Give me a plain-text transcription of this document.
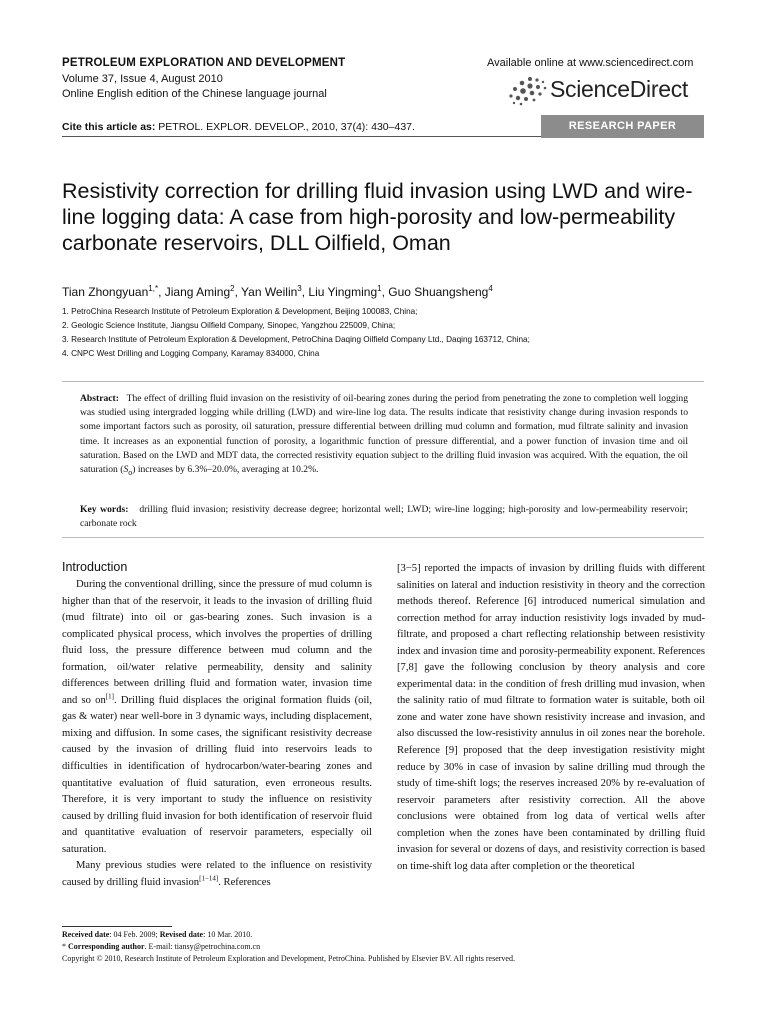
PETROLEUM EXPLORATION AND DEVELOPMENT
Volume 37, Issue 4, August 2010
Online English edition of the Chinese language journal
Available online at www.sciencedirect.com
ScienceDirect
Cite this article as: PETROL. EXPLOR. DEVELOP., 2010, 37(4): 430–437.	RESEARCH PAPER
Resistivity correction for drilling fluid invasion using LWD and wire-line logging data: A case from high-porosity and low-permeability carbonate reservoirs, DLL Oilfield, Oman
Tian Zhongyuan$^{1,*}$, Jiang Aming$^2$, Yan Weilin$^3$, Liu Yingming$^1$, Guo Shuangsheng$^4$
1. PetroChina Research Institute of Petroleum Exploration & Development, Beijing 100083, China;
2. Geologic Science Institute, Jiangsu Oilfield Company, Sinopec, Yangzhou 225009, China;
3. Research Institute of Petroleum Exploration & Development, PetroChina Daqing Oilfield Company Ltd., Daqing 163712, China;
4. CNPC West Drilling and Logging Company, Karamay 834000, China
Abstract: The effect of drilling fluid invasion on the resistivity of oil-bearing zones during the period from penetrating the zone to completion well logging was studied using intergraded logging while drilling (LWD) and wire-line log data. The results indicate that resistivity change during invasion responds to some important factors such as porosity, oil saturation, pressure differential between drilling mud column and formation, mud filtrate salinity and invasion time. It increases as an exponential function of porosity, a logarithmic function of pressure differential, and a power function of invasion time and oil saturation. Based on the LWD and MDT data, the corrected resistivity equation subject to the drilling fluid invasion was acquired. With the equation, the oil saturation $(S_o)$ increases by 6.3%–20.0%, averaging at 10.2%.
Key words: drilling fluid invasion; resistivity decrease degree; horizontal well; LWD; wire-line logging; high-porosity and low-permeability reservoir; carbonate rock
Introduction

During the conventional drilling, since the pressure of mud column is higher than that of the reservoir, it leads to the invasion of drilling fluid (mud filtrate) into oil or gas-bearing zones. Such invasion is a complicated physical process, which involves the properties of drilling fluid loss, the pressure difference between mud column and the formation, oil/water relative permeability, density and salinity differences between drilling fluid and formation water, invasion time and so on[1]. Drilling fluid displaces the original formation fluids (oil, gas & water) near well-bore in 3 dynamic ways, including displacement, mixing and diffusion. In some cases, the significant resistivity decrease caused by the invasion of drilling fluid into reservoirs leads to difficulties in identification of hydrocarbon/water-bearing zones and quantitative evaluation of fluid saturation, even erroneous results. Therefore, it is very important to study the influence on resistivity caused by drilling fluid invasion for both identification of reservoir fluid and quantitative evaluation of reservoir parameters, especially oil saturation.

Many previous studies were related to the influence on resistivity caused by drilling fluid invasion[1−14]. References

[3−5] reported the impacts of invasion by drilling fluids with different salinities on lateral and induction resistivity in theory and the correction methods thereof. Reference [6] introduced numerical simulation and correction method for array induction resistivity logs invaded by mud-filtrate, and proposed a chart reflecting relationship between resistivity index and invasion time and porosity-permeability exponent. References [7,8] gave the following conclusion by theory analysis and core experimental data: in the condition of fresh drilling mud invasion, when the salinity ratio of mud filtrate to formation water is suitable, both oil zone and water zone have shown resistivity increase and invasion, and also discussed the low-resistivity annulus in oil zones near the borehole. Reference [9] proposed that the deep investigation resistivity might reduce by 30% in case of invasion by saline drilling mud through the study of time-shift logs; the reserves increased 20% by re-evaluation of reservoir parameters after resistivity correction. All the above conclusions were obtained from log data of vertical wells after completion when the zones have been contaminated by drilling fluid invasion for several or dozens of days, and resistivity correction is based on time-shift log data after completion or the theoretical

Received date: 04 Feb. 2009; Revised date: 10 Mar. 2010.
* Corresponding author. E-mail: tiansy@petrochina.com.cn
Copyright © 2010, Research Institute of Petroleum Exploration and Development, PetroChina. Published by Elsevier BV. All rights reserved.
